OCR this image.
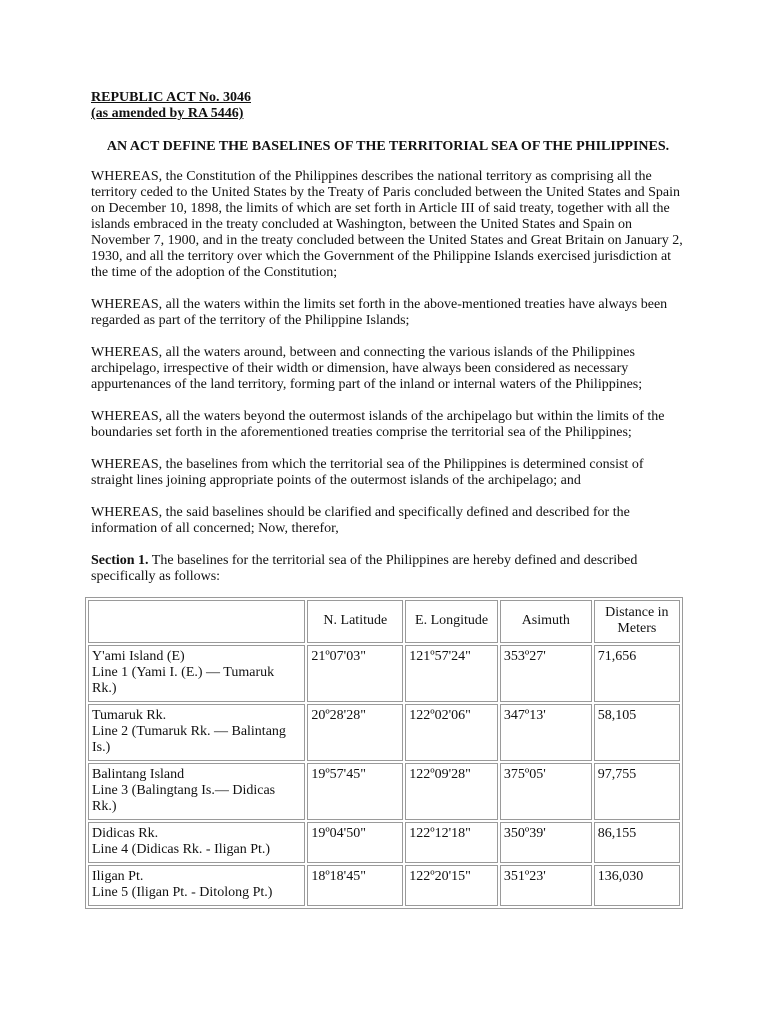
REPUBLIC ACT No. 3046
(as amended by RA 5446)
AN ACT DEFINE THE BASELINES OF THE TERRITORIAL SEA OF THE PHILIPPINES.

WHEREAS, the Constitution of the Philippines describes the national territory as comprising all the territory ceded to the United States by the Treaty of Paris concluded between the United States and Spain on December 10, 1898, the limits of which are set forth in Article III of said treaty, together with all the islands embraced in the treaty concluded at Washington, between the United States and Spain on November 7, 1900, and in the treaty concluded between the United States and Great Britain on January 2, 1930, and all the territory over which the Government of the Philippine Islands exercised jurisdiction at the time of the adoption of the Constitution;

WHEREAS, all the waters within the limits set forth in the above-mentioned treaties have always been regarded as part of the territory of the Philippine Islands;

WHEREAS, all the waters around, between and connecting the various islands of the Philippines archipelago, irrespective of their width or dimension, have always been considered as necessary appurtenances of the land territory, forming part of the inland or internal waters of the Philippines;

WHEREAS, all the waters beyond the outermost islands of the archipelago but within the limits of the boundaries set forth in the aforementioned treaties comprise the territorial sea of the Philippines;

WHEREAS, the baselines from which the territorial sea of the Philippines is determined consist of straight lines joining appropriate points of the outermost islands of the archipelago; and

WHEREAS, the said baselines should be clarified and specifically defined and described for the information of all concerned; Now, therefor,

Section 1. The baselines for the territorial sea of the Philippines are hereby defined and described specifically as follows:

	N. Latitude	E. Longitude	Asimuth	Distance in Meters

Y'ami Island (E)
Line 1 (Yami I. (E.) — Tumaruk Rk.)	21º07'03"	121º57'24"	353º27'	71,656

Tumaruk Rk.
Line 2 (Tumaruk Rk. — Balintang Is.)	20º28'28"	122º02'06"	347º13'	58,105

Balintang Island
Line 3 (Balingtang Is.— Didicas Rk.)	19º57'45"	122º09'28"	375º05'	97,755

Didicas Rk.
Line 4 (Didicas Rk. - Iligan Pt.)	19º04'50"	122º12'18"	350º39'	86,155

Iligan Pt.
Line 5 (Iligan Pt. - Ditolong Pt.)	18º18'45"	122º20'15"	351º23'	136,030
